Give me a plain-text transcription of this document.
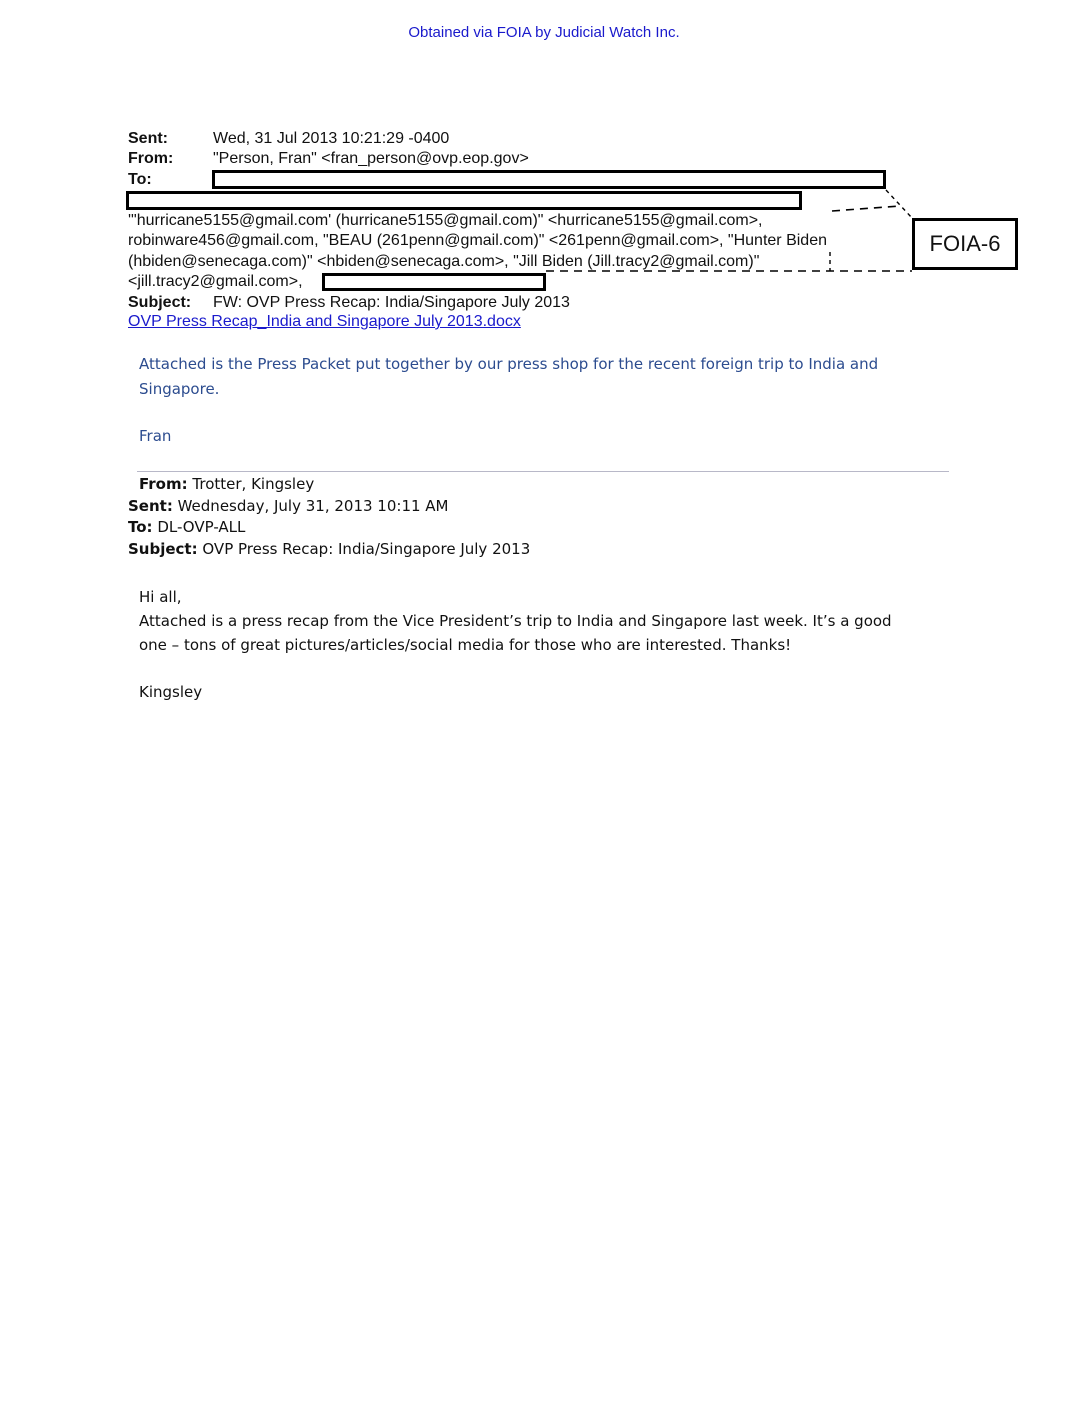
Obtained via FOIA by Judicial Watch Inc.
Sent:	Wed, 31 Jul 2013 10:21:29 -0400
From: "Person, Fran" <fran_person@ovp.eop.gov>
To:
'"hurricane5155@gmail.com' (hurricane5155@gmail.com)" <hurricane5155@gmail.com>,
robinware456@gmail.com, "BEAU (261penn@gmail.com)" <261penn@gmail.com>, "Hunter Biden
(hbiden@senecaga.com)" <hbiden@senecaga.com>, "Jill Biden (Jill.tracy2@gmail.com)"
<jill.tracy2@gmail.com>,
Subject: FW: OVP Press Recap: India/Singapore July 2013
OVP Press Recap_India and Singapore July 2013.docx
FOIA-6
Attached is the Press Packet put together by our press shop for the recent foreign trip to India and
Singapore.
Fran
From: Trotter, Kingsley
Sent: Wednesday, July 31, 2013 10:11 AM
To: DL-OVP-ALL
Subject: OVP Press Recap: India/Singapore July 2013
Hi all,
Attached is a press recap from the Vice President’s trip to India and Singapore last week. It’s a good
one – tons of great pictures/articles/social media for those who are interested. Thanks!
Kingsley
